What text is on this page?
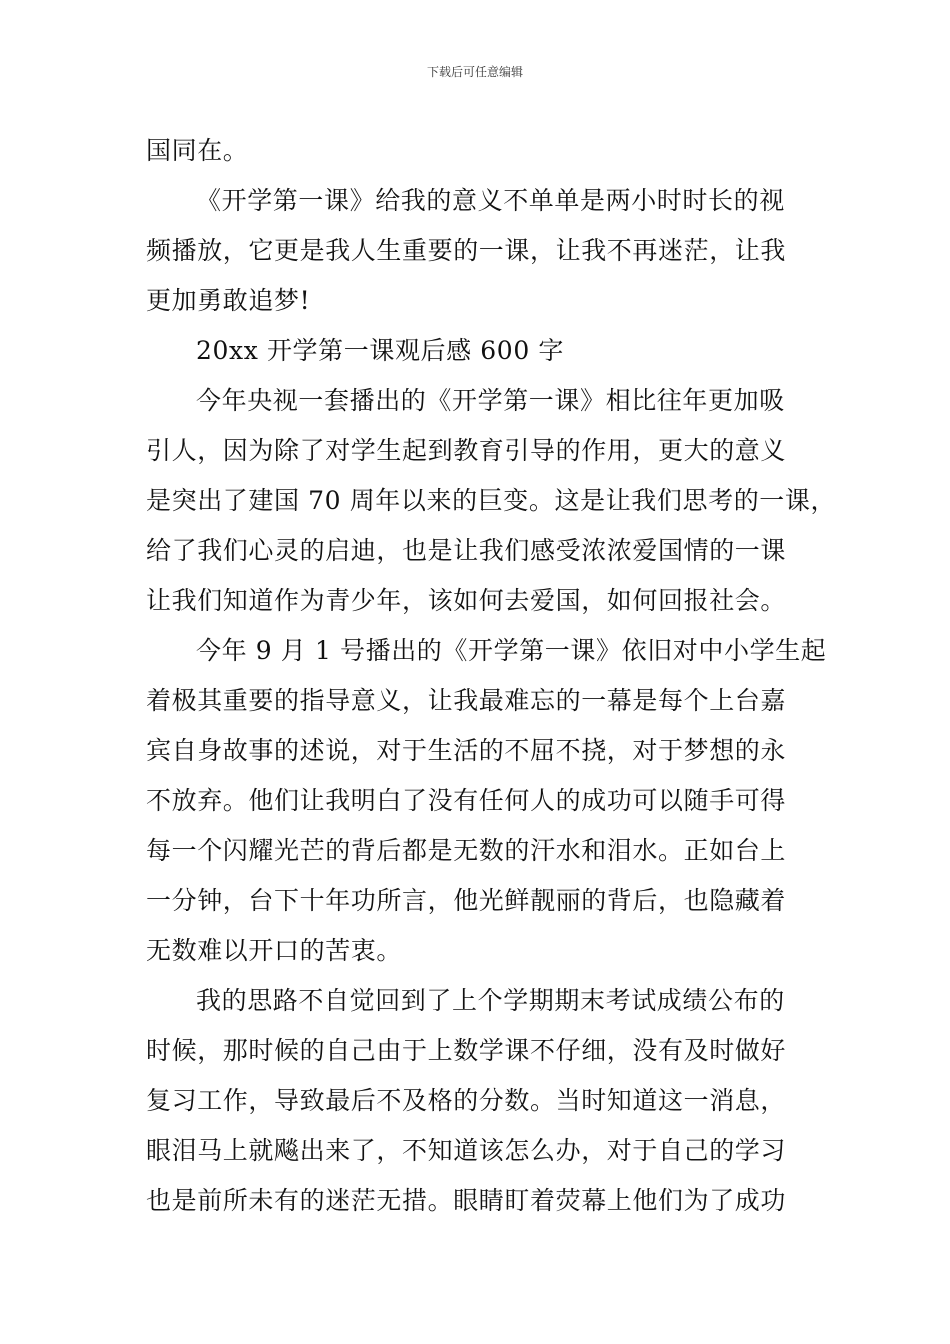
下载后可任意编辑
国同在。
《开学第一课》给我的意义不单单是两小时时长的视
频播放，它更是我人生重要的一课，让我不再迷茫，让我
更加勇敢追梦!
20xx 开学第一课观后感 600 字
今年央视一套播出的《开学第一课》相比往年更加吸
引人，因为除了对学生起到教育引导的作用，更大的意义
是突出了建国 70 周年以来的巨变。这是让我们思考的一课，
给了我们心灵的启迪，也是让我们感受浓浓爱国情的一课
让我们知道作为青少年，该如何去爱国，如何回报社会。
今年 9 月 1 号播出的《开学第一课》依旧对中小学生起
着极其重要的指导意义，让我最难忘的一幕是每个上台嘉
宾自身故事的述说，对于生活的不屈不挠，对于梦想的永
不放弃。他们让我明白了没有任何人的成功可以随手可得
每一个闪耀光芒的背后都是无数的汗水和泪水。正如台上
一分钟，台下十年功所言，他光鲜靓丽的背后，也隐藏着
无数难以开口的苦衷。
我的思路不自觉回到了上个学期期末考试成绩公布的
时候，那时候的自己由于上数学课不仔细，没有及时做好
复习工作，导致最后不及格的分数。当时知道这一消息，
眼泪马上就飚出来了，不知道该怎么办，对于自己的学习
也是前所未有的迷茫无措。眼睛盯着荧幕上他们为了成功
